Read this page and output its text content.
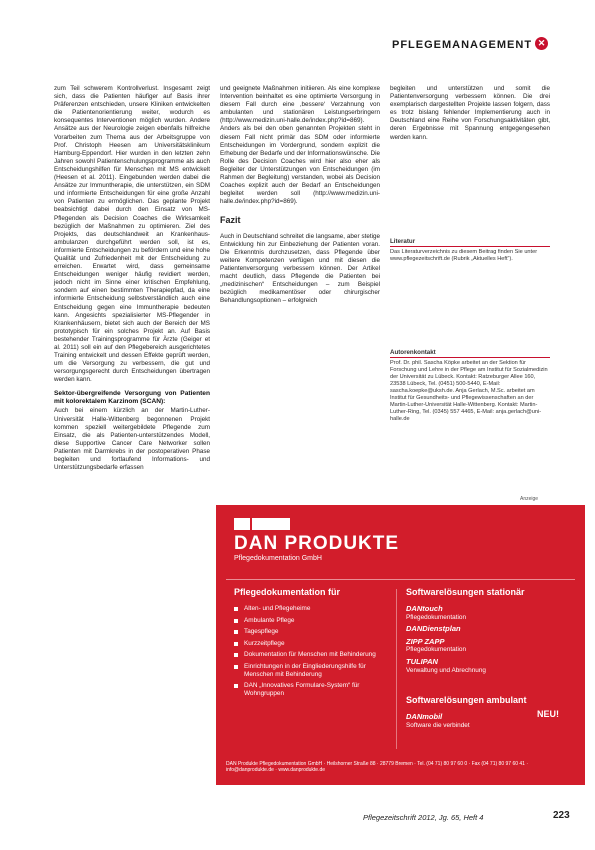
PFLEGEMANAGEMENT ✕

zum Teil schwerem Kontrollverlust. Insgesamt zeigt sich, dass die Patienten häufiger auf Basis ihrer Präferenzen entschieden, unsere Kliniken entwickelten die Patientenorientierung weiter, wodurch es konsequentes Interventionen möglich wurden. Andere Ansätze aus der Neurologie zeigen ebenfalls hilfreiche Vorarbeiten zum Thema aus der Arbeitsgruppe von Prof. Christoph Heesen am Universitätsklinikum Hamburg-Eppendorf. Hier wurden in den letzten zehn Jahren sowohl Patientenschulungsprogramme als auch Entscheidungshilfen für Menschen mit MS entwickelt (Heesen et al. 2011). Eingebunden werden dabei die Ansätze zur Immuntherapie, die unterstützen, ein SDM und informierte Entscheidungen für eine große Anzahl von Patienten zu ermöglichen. Das geplante Projekt beabsichtigt dabei durch den Einsatz von MS-Pflegenden als Decision Coaches die Wirksamkeit bezüglich der Maßnahmen zu optimieren. Ziel des Projekts, das deutschlandweit an Krankenhaus-ambulanzen durchgeführt werden soll, ist es, informierte Entscheidungen zu befördern und eine hohe Qualität und Zufriedenheit mit der Entscheidung zu erreichen. Erwartet wird, dass gemeinsame Entscheidungen weniger häufig revidiert werden, jedoch nicht im Sinne einer kritischen Empfehlung, sondern auf einen bestimmten Therapiepfad, da eine informierte Entscheidung selbstverständlich auch eine Entscheidung gegen eine Immuntherapie bedeuten kann. Angesichts spezialisierter MS-Pflegender in Krankenhäusern, bietet sich auch der Bereich der MS prototypisch für ein solches Projekt an. Auf Basis bestehender Trainingsprogramme für Ärzte (Geiger et al. 2011) soll ein auf den Pflegebereich ausgerichtetes Training entwickelt und dessen Effekte geprüft werden, um die Versorgung zu verbessern, die gut und versorgungsgerecht durch Entscheidungen übertragen werden kann.

Sektor-übergreifende Versorgung von Patienten mit kolorektalem Karzinom (SCAN):

Auch bei einem kürzlich an der Martin-Luther-Universität Halle-Wittenberg begonnenen Projekt kommen speziell weitergebildete Pflegende zum Einsatz, die als Patienten-unterstützendes Modell, diese Supportive Cancer Care Networker sollen Patienten mit Darmkrebs in der postoperativen Phase begleiten und fortlaufend Informations- und Unterstützungsbedarfe erfassen

und geeignete Maßnahmen initiieren. Als eine komplexe Intervention beinhaltet es eine optimierte Versorgung in diesem Fall durch eine ‚bessere‘ Verzahnung von ambulanten und stationären Leistungserbringern (http://www.medizin.uni-halle.de/index.php?id=869). Anders als bei den oben genannten Projekten steht in diesem Fall nicht primär das SDM oder informierte Entscheidungen im Vordergrund, sondern explizit die Erhebung der Bedarfe und der Informationswünsche. Die Rolle des Decision Coaches wird hier also eher als Begleiter der Unterstützungen von Entscheidungen (im Rahmen der Begleitung) verstanden, wobei als Decision Coaches explizit auch der Bedarf an Entscheidungen begleitet werden soll (http://www.medizin.uni-halle.de/index.php?id=869).

Fazit

Auch in Deutschland schreitet die langsame, aber stetige Entwicklung hin zur Einbeziehung der Patienten voran. Die Erkenntnis durchzusetzen, dass Pflegende über weitere Kompetenzen verfügen und mit diesen die Patientenversorgung verbessern können. Der Artikel macht deutlich, dass Pflegende die Patienten bei „medizinischen“ Entscheidungen – zum Beispiel bezüglich medikamentöser oder chirurgischer Behandlungsoptionen – erfolgreich

begleiten und unterstützen und somit die Patientenversorgung verbessern können. Die drei exemplarisch dargestellten Projekte lassen folgern, dass es trotz bislang fehlender Implementierung auch in Deutschland eine Reihe von Forschungsaktivitäten gibt, deren Ergebnisse mit Spannung entgegengesehen werden kann.

Literatur
Das Literaturverzeichnis zu diesem Beitrag finden Sie unter www.pflegezeitschrift.de (Rubrik „Aktuelles Heft“).
Autorenkontakt
Prof. Dr. phil. Sascha Köpke arbeitet an der Sektion für Forschung und Lehre in der Pflege am Institut für Sozialmedizin der Universität zu Lübeck. Kontakt: Ratzeburger Allee 160, 23538 Lübeck, Tel. (0451) 500-5440, E-Mail: sascha.koepke@uksh.de. Anja Gerlach, M.Sc. arbeitet am Institut für Gesundheits- und Pflegewissenschaften an der Martin-Luther-Universität Halle-Wittenberg. Kontakt: Martin-Luther-Ring, Tel. (0345) 557 4465, E-Mail: anja.gerlach@uni-halle.de
Anzeige
DAN PRODUKTE
Pflegedokumentation GmbH
Pflegedokumentation für
Alten- und Pflegeheime
Ambulante Pflege
Tagespflege
Kurzzeitpflege
Dokumentation für Menschen mit Behinderung
Einrichtungen in der Eingliederungshilfe für Menschen mit Behinderung
DAN „Innovatives Formulare-System“ für Wohngruppen
Softwarelösungen stationär
DANtouch
Pflegedokumentation
DANDienstplan
ZIPP ZAPP
Pflegedokumentation
TULIPAN
Verwaltung und Abrechnung
Softwarelösungen ambulant
DANmobil
Software die verbindet
NEU!
DAN Produkte Pflegedokumentation GmbH · Heilshorner Straße 88 · 28779 Bremen · Tel. (04 71) 80 97 60 0 · Fax (04 71) 80 97 60 41 · info@danprodukte.de · www.danprodukte.de
Pflegezeitschrift 2012, Jg. 65, Heft 4	223
